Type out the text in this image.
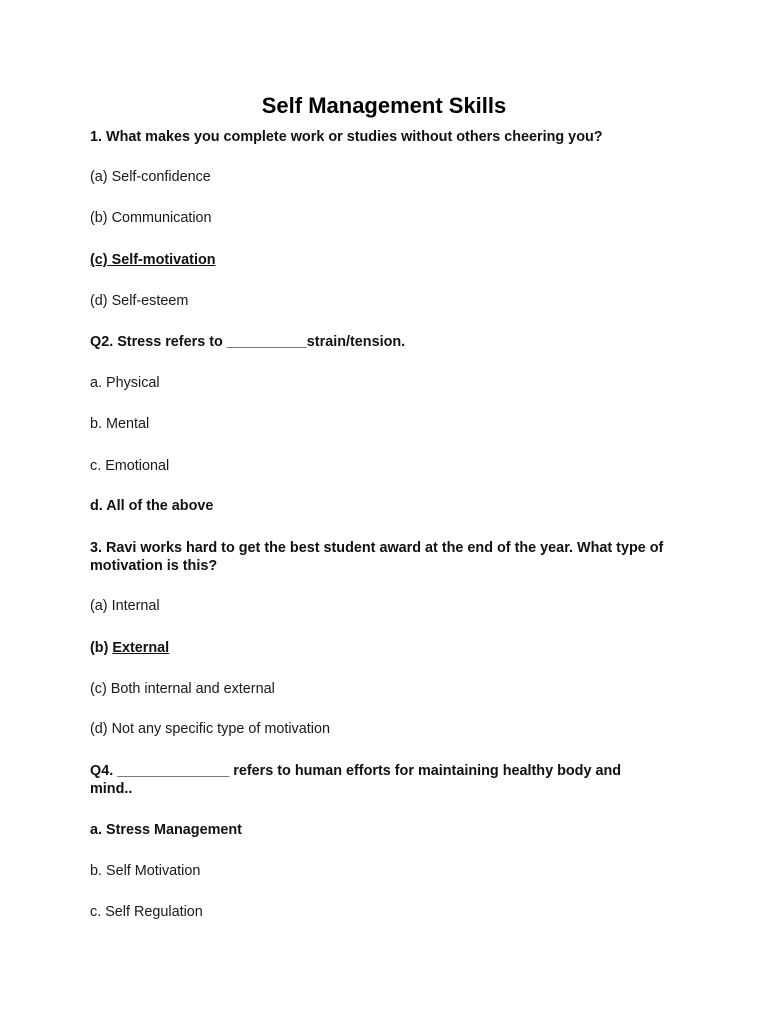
Self Management Skills
1. What makes you complete work or studies without others cheering you?
(a) Self-confidence
(b) Communication
(c) Self-motivation
(d) Self-esteem
Q2. Stress refers to __________strain/tension.
a. Physical
b. Mental
c. Emotional
d. All of the above
3. Ravi works hard to get the best student award at the end of the year. What type of motivation is this?
(a) Internal
(b) External
(c) Both internal and external
(d) Not any specific type of motivation
Q4. ______________ refers to human efforts for maintaining healthy body and mind..
a. Stress Management
b. Self Motivation
c. Self Regulation
